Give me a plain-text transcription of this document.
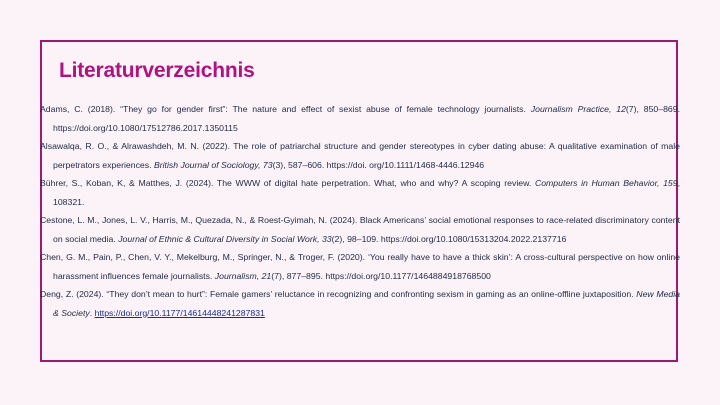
Literaturverzeichnis

Adams, C. (2018). “They go for gender first”: The nature and effect of sexist abuse of female technology journalists. Journalism Practice, 12(7), 850–869. https://doi.org/10.1080/17512786.2017.1350115

Alsawalqa, R. O., & Alrawashdeh, M. N. (2022). The role of patriarchal structure and gender stereotypes in cyber dating abuse: A qualitative examination of male perpetrators experiences. British Journal of Sociology, 73(3), 587–606. https://doi. org/10.1111/1468-4446.12946

Bührer, S., Koban, K, & Matthes, J. (2024). The WWW of digital hate perpetration. What, who and why? A scoping review. Computers in Human Behavior, 159, 108321.

Cestone, L. M., Jones, L. V., Harris, M., Quezada, N., & Roest-Gyimah, N. (2024). Black Americans’ social emotional responses to race-related discriminatory content on social media. Journal of Ethnic & Cultural Diversity in Social Work, 33(2), 98–109. https://doi.org/10.1080/15313204.2022.2137716

Chen, G. M., Pain, P., Chen, V. Y., Mekelburg, M., Springer, N., & Troger, F. (2020). ‘You really have to have a thick skin’: A cross-cultural perspective on how online harassment influences female journalists. Journalism, 21(7), 877–895. https://doi.org/10.1177/1464884918768500

Deng, Z. (2024). “They don’t mean to hurt”: Female gamers’ reluctance in recognizing and confronting sexism in gaming as an online-offline juxtaposition. New Media & Society. https://doi.org/10.1177/14614448241287831
